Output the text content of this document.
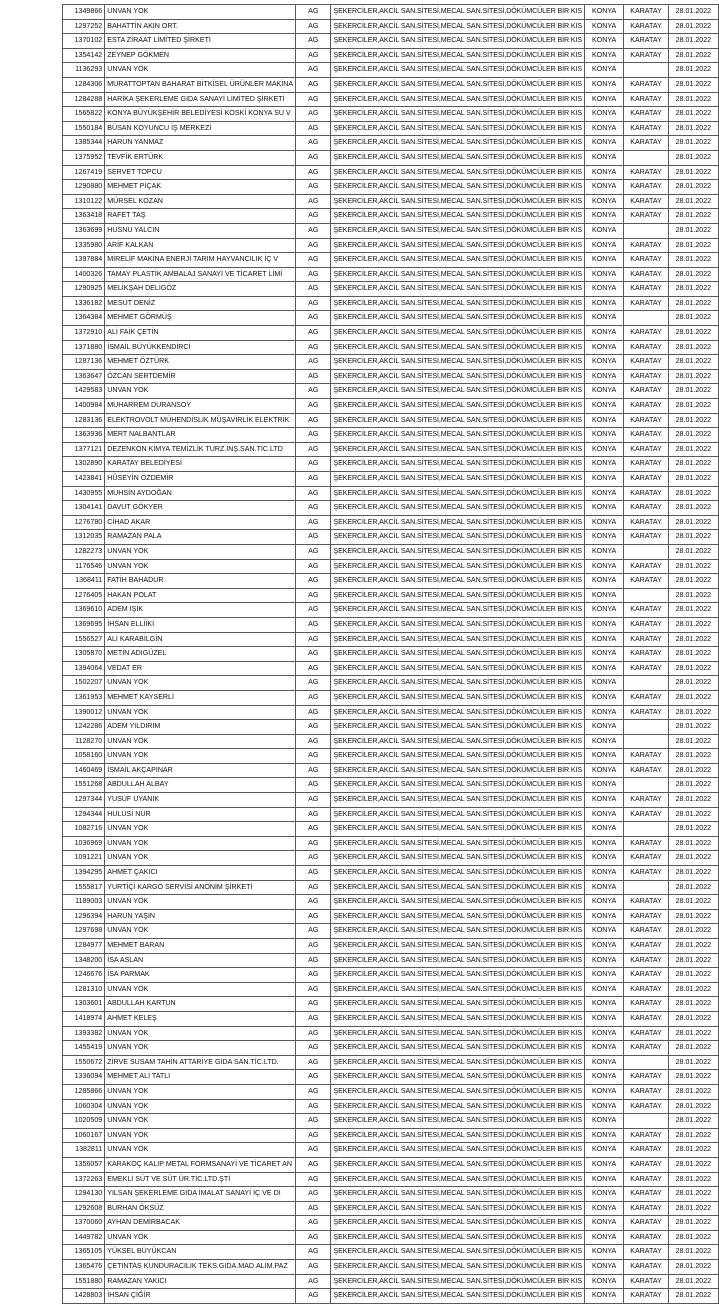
1349866	UNVAN YOK	AG	ŞEKERCİLER,AKCİL SAN.SİTESİ,MECAL SAN.SİTESİ,DÖKÜMCÜLER BİR KIS	KONYA	KARATAY	28.01.2022
1297252	BAHATTİN AKIN ORT.	AG	ŞEKERCİLER,AKCİL SAN.SİTESİ,MECAL SAN.SİTESİ,DÖKÜMCÜLER BİR KIS	KONYA	KARATAY	28.01.2022
1370102	ESTA ZİRAAT LİMİTED ŞİRKETİ	AG	ŞEKERCİLER,AKCİL SAN.SİTESİ,MECAL SAN.SİTESİ,DÖKÜMCÜLER BİR KIS	KONYA	KARATAY	28.01.2022
1354142	ZEYNEP GÖKMEN	AG	ŞEKERCİLER,AKCİL SAN.SİTESİ,MECAL SAN.SİTESİ,DÖKÜMCÜLER BİR KIS	KONYA	KARATAY	28.01.2022
1136293	UNVAN YOK	AG	ŞEKERCİLER,AKCİL SAN.SİTESİ,MECAL SAN.SİTESİ,DÖKÜMCÜLER BİR KIS	KONYA		28.01.2022
1284306	MURATTOPTAN BAHARAT BİTKİSEL ÜRÜNLER MAKİNA	AG	ŞEKERCİLER,AKCİL SAN.SİTESİ,MECAL SAN.SİTESİ,DÖKÜMCÜLER BİR KIS	KONYA	KARATAY	28.01.2022
1284288	HARİKA ŞEKERLEME GIDA SANAYİ LİMİTED ŞİRKETİ	AG	ŞEKERCİLER,AKCİL SAN.SİTESİ,MECAL SAN.SİTESİ,DÖKÜMCÜLER BİR KIS	KONYA	KARATAY	28.01.2022
1565822	KONYA BÜYÜKŞEHİR BELEDİYESİ KOSKİ KONYA SU V	AG	ŞEKERCİLER,AKCİL SAN.SİTESİ,MECAL SAN.SİTESİ,DÖKÜMCÜLER BİR KIS	KONYA	KARATAY	28.01.2022
1550184	BÜSAN KOYUNCU İŞ MERKEZİ	AG	ŞEKERCİLER,AKCİL SAN.SİTESİ,MECAL SAN.SİTESİ,DÖKÜMCÜLER BİR KIS	KONYA	KARATAY	28.01.2022
1385344	HARUN YANMAZ	AG	ŞEKERCİLER,AKCİL SAN.SİTESİ,MECAL SAN.SİTESİ,DÖKÜMCÜLER BİR KIS	KONYA	KARATAY	28.01.2022
1375952	TEVFİK ERTÜRK	AG	ŞEKERCİLER,AKCİL SAN.SİTESİ,MECAL SAN.SİTESİ,DÖKÜMCÜLER BİR KIS	KONYA		28.01.2022
1267419	SERVET TOPCU	AG	ŞEKERCİLER,AKCİL SAN.SİTESİ,MECAL SAN.SİTESİ,DÖKÜMCÜLER BİR KIS	KONYA	KARATAY	28.01.2022
1290880	MEHMET PIÇAK	AG	ŞEKERCİLER,AKCİL SAN.SİTESİ,MECAL SAN.SİTESİ,DÖKÜMCÜLER BİR KIS	KONYA	KARATAY	28.01.2022
1310122	MÜRSEL KOZAN	AG	ŞEKERCİLER,AKCİL SAN.SİTESİ,MECAL SAN.SİTESİ,DÖKÜMCÜLER BİR KIS	KONYA	KARATAY	28.01.2022
1363418	RAFET TAŞ	AG	ŞEKERCİLER,AKCİL SAN.SİTESİ,MECAL SAN.SİTESİ,DÖKÜMCÜLER BİR KIS	KONYA	KARATAY	28.01.2022
1363699	HUSNU YALCIN	AG	ŞEKERCİLER,AKCİL SAN.SİTESİ,MECAL SAN.SİTESİ,DÖKÜMCÜLER BİR KIS	KONYA		28.01.2022
1335980	ARİF KALKAN	AG	ŞEKERCİLER,AKCİL SAN.SİTESİ,MECAL SAN.SİTESİ,DÖKÜMCÜLER BİR KIS	KONYA	KARATAY	28.01.2022
1397884	MİRELİF MAKİNA ENERJİ TARIM HAYVANCILIK İÇ V	AG	ŞEKERCİLER,AKCİL SAN.SİTESİ,MECAL SAN.SİTESİ,DÖKÜMCÜLER BİR KIS	KONYA	KARATAY	28.01.2022
1400326	TAMAY PLASTİK AMBALAJ SANAYİ VE TİCARET LİMİ	AG	ŞEKERCİLER,AKCİL SAN.SİTESİ,MECAL SAN.SİTESİ,DÖKÜMCÜLER BİR KIS	KONYA	KARATAY	28.01.2022
1290925	MELİKŞAH DELİGÖZ	AG	ŞEKERCİLER,AKCİL SAN.SİTESİ,MECAL SAN.SİTESİ,DÖKÜMCÜLER BİR KIS	KONYA	KARATAY	28.01.2022
1336182	MESUT DENİZ	AG	ŞEKERCİLER,AKCİL SAN.SİTESİ,MECAL SAN.SİTESİ,DÖKÜMCÜLER BİR KIS	KONYA	KARATAY	28.01.2022
1364384	MEHMET GÖRMÜŞ	AG	ŞEKERCİLER,AKCİL SAN.SİTESİ,MECAL SAN.SİTESİ,DÖKÜMCÜLER BİR KIS	KONYA		28.01.2022
1372910	ALİ FAİK ÇETİN	AG	ŞEKERCİLER,AKCİL SAN.SİTESİ,MECAL SAN.SİTESİ,DÖKÜMCÜLER BİR KIS	KONYA	KARATAY	28.01.2022
1371880	İSMAİL BÜYÜKKENDİRCİ	AG	ŞEKERCİLER,AKCİL SAN.SİTESİ,MECAL SAN.SİTESİ,DÖKÜMCÜLER BİR KIS	KONYA	KARATAY	28.01.2022
1287136	MEHMET ÖZTÜRK	AG	ŞEKERCİLER,AKCİL SAN.SİTESİ,MECAL SAN.SİTESİ,DÖKÜMCÜLER BİR KIS	KONYA	KARATAY	28.01.2022
1363647	ÖZCAN SERTDEMİR	AG	ŞEKERCİLER,AKCİL SAN.SİTESİ,MECAL SAN.SİTESİ,DÖKÜMCÜLER BİR KIS	KONYA	KARATAY	28.01.2022
1429583	UNVAN YOK	AG	ŞEKERCİLER,AKCİL SAN.SİTESİ,MECAL SAN.SİTESİ,DÖKÜMCÜLER BİR KIS	KONYA	KARATAY	28.01.2022
1400984	MUHARREM DURANSOY	AG	ŞEKERCİLER,AKCİL SAN.SİTESİ,MECAL SAN.SİTESİ,DÖKÜMCÜLER BİR KIS	KONYA	KARATAY	28.01.2022
1283136	ELEKTROVOLT MÜHENDİSLİK MÜŞAVİRLİK ELEKTRİK	AG	ŞEKERCİLER,AKCİL SAN.SİTESİ,MECAL SAN.SİTESİ,DÖKÜMCÜLER BİR KIS	KONYA	KARATAY	28.01.2022
1363936	MERT NALBANTLAR	AG	ŞEKERCİLER,AKCİL SAN.SİTESİ,MECAL SAN.SİTESİ,DÖKÜMCÜLER BİR KIS	KONYA	KARATAY	28.01.2022
1377121	DEZENKON KİMYA TEMİZLİK TURZ.İNŞ.SAN.TİC.LTD	AG	ŞEKERCİLER,AKCİL SAN.SİTESİ,MECAL SAN.SİTESİ,DÖKÜMCÜLER BİR KIS	KONYA	KARATAY	28.01.2022
1302890	KARATAY BELEDİYESİ	AG	ŞEKERCİLER,AKCİL SAN.SİTESİ,MECAL SAN.SİTESİ,DÖKÜMCÜLER BİR KIS	KONYA	KARATAY	28.01.2022
1423841	HÜSEYİN ÖZDEMİR	AG	ŞEKERCİLER,AKCİL SAN.SİTESİ,MECAL SAN.SİTESİ,DÖKÜMCÜLER BİR KIS	KONYA	KARATAY	28.01.2022
1430955	MUHSİN AYDOĞAN	AG	ŞEKERCİLER,AKCİL SAN.SİTESİ,MECAL SAN.SİTESİ,DÖKÜMCÜLER BİR KIS	KONYA	KARATAY	28.01.2022
1304141	DAVUT GÖKYER	AG	ŞEKERCİLER,AKCİL SAN.SİTESİ,MECAL SAN.SİTESİ,DÖKÜMCÜLER BİR KIS	KONYA	KARATAY	28.01.2022
1276780	CİHAD AKAR	AG	ŞEKERCİLER,AKCİL SAN.SİTESİ,MECAL SAN.SİTESİ,DÖKÜMCÜLER BİR KIS	KONYA	KARATAY	28.01.2022
1312035	RAMAZAN PALA	AG	ŞEKERCİLER,AKCİL SAN.SİTESİ,MECAL SAN.SİTESİ,DÖKÜMCÜLER BİR KIS	KONYA	KARATAY	28.01.2022
1282273	UNVAN YOK	AG	ŞEKERCİLER,AKCİL SAN.SİTESİ,MECAL SAN.SİTESİ,DÖKÜMCÜLER BİR KIS	KONYA		28.01.2022
1176546	UNVAN YOK	AG	ŞEKERCİLER,AKCİL SAN.SİTESİ,MECAL SAN.SİTESİ,DÖKÜMCÜLER BİR KIS	KONYA	KARATAY	28.01.2022
1368411	FATİH BAHADUR	AG	ŞEKERCİLER,AKCİL SAN.SİTESİ,MECAL SAN.SİTESİ,DÖKÜMCÜLER BİR KIS	KONYA	KARATAY	28.01.2022
1276405	HAKAN POLAT	AG	ŞEKERCİLER,AKCİL SAN.SİTESİ,MECAL SAN.SİTESİ,DÖKÜMCÜLER BİR KIS	KONYA		28.01.2022
1369610	ADEM IŞIK	AG	ŞEKERCİLER,AKCİL SAN.SİTESİ,MECAL SAN.SİTESİ,DÖKÜMCÜLER BİR KIS	KONYA	KARATAY	28.01.2022
1369695	İHSAN ELLİİKİ	AG	ŞEKERCİLER,AKCİL SAN.SİTESİ,MECAL SAN.SİTESİ,DÖKÜMCÜLER BİR KIS	KONYA	KARATAY	28.01.2022
1556527	ALİ KARABİLGİN	AG	ŞEKERCİLER,AKCİL SAN.SİTESİ,MECAL SAN.SİTESİ,DÖKÜMCÜLER BİR KIS	KONYA	KARATAY	28.01.2022
1305870	METİN ADIGÜZEL	AG	ŞEKERCİLER,AKCİL SAN.SİTESİ,MECAL SAN.SİTESİ,DÖKÜMCÜLER BİR KIS	KONYA	KARATAY	28.01.2022
1394064	VEDAT ER	AG	ŞEKERCİLER,AKCİL SAN.SİTESİ,MECAL SAN.SİTESİ,DÖKÜMCÜLER BİR KIS	KONYA	KARATAY	28.01.2022
1502207	UNVAN YOK	AG	ŞEKERCİLER,AKCİL SAN.SİTESİ,MECAL SAN.SİTESİ,DÖKÜMCÜLER BİR KIS	KONYA		28.01.2022
1361953	MEHMET KAYSERLİ	AG	ŞEKERCİLER,AKCİL SAN.SİTESİ,MECAL SAN.SİTESİ,DÖKÜMCÜLER BİR KIS	KONYA	KARATAY	28.01.2022
1390012	UNVAN YOK	AG	ŞEKERCİLER,AKCİL SAN.SİTESİ,MECAL SAN.SİTESİ,DÖKÜMCÜLER BİR KIS	KONYA	KARATAY	28.01.2022
1242286	ADEM YILDIRIM	AG	ŞEKERCİLER,AKCİL SAN.SİTESİ,MECAL SAN.SİTESİ,DÖKÜMCÜLER BİR KIS	KONYA		28.01.2022
1128270	UNVAN YOK	AG	ŞEKERCİLER,AKCİL SAN.SİTESİ,MECAL SAN.SİTESİ,DÖKÜMCÜLER BİR KIS	KONYA		28.01.2022
1058160	UNVAN YOK	AG	ŞEKERCİLER,AKCİL SAN.SİTESİ,MECAL SAN.SİTESİ,DÖKÜMCÜLER BİR KIS	KONYA	KARATAY	28.01.2022
1460469	İSMAİL AKÇAPINAR	AG	ŞEKERCİLER,AKCİL SAN.SİTESİ,MECAL SAN.SİTESİ,DÖKÜMCÜLER BİR KIS	KONYA	KARATAY	28.01.2022
1551268	ABDULLAH ALBAY	AG	ŞEKERCİLER,AKCİL SAN.SİTESİ,MECAL SAN.SİTESİ,DÖKÜMCÜLER BİR KIS	KONYA		28.01.2022
1297344	YUSUF UYANIK	AG	ŞEKERCİLER,AKCİL SAN.SİTESİ,MECAL SAN.SİTESİ,DÖKÜMCÜLER BİR KIS	KONYA	KARATAY	28.01.2022
1294344	HULUSİ NUR	AG	ŞEKERCİLER,AKCİL SAN.SİTESİ,MECAL SAN.SİTESİ,DÖKÜMCÜLER BİR KIS	KONYA	KARATAY	28.01.2022
1082716	UNVAN YOK	AG	ŞEKERCİLER,AKCİL SAN.SİTESİ,MECAL SAN.SİTESİ,DÖKÜMCÜLER BİR KIS	KONYA		28.01.2022
1036969	UNVAN YOK	AG	ŞEKERCİLER,AKCİL SAN.SİTESİ,MECAL SAN.SİTESİ,DÖKÜMCÜLER BİR KIS	KONYA	KARATAY	28.01.2022
1091221	UNVAN YOK	AG	ŞEKERCİLER,AKCİL SAN.SİTESİ,MECAL SAN.SİTESİ,DÖKÜMCÜLER BİR KIS	KONYA	KARATAY	28.01.2022
1394295	AHMET ÇAKICI	AG	ŞEKERCİLER,AKCİL SAN.SİTESİ,MECAL SAN.SİTESİ,DÖKÜMCÜLER BİR KIS	KONYA	KARATAY	28.01.2022
1555817	YURTİÇİ KARGO SERVİSİ ANONİM ŞİRKETİ	AG	ŞEKERCİLER,AKCİL SAN.SİTESİ,MECAL SAN.SİTESİ,DÖKÜMCÜLER BİR KIS	KONYA		28.01.2022
1189003	UNVAN YOK	AG	ŞEKERCİLER,AKCİL SAN.SİTESİ,MECAL SAN.SİTESİ,DÖKÜMCÜLER BİR KIS	KONYA	KARATAY	28.01.2022
1296394	HARUN YAŞIN	AG	ŞEKERCİLER,AKCİL SAN.SİTESİ,MECAL SAN.SİTESİ,DÖKÜMCÜLER BİR KIS	KONYA	KARATAY	28.01.2022
1297698	UNVAN YOK	AG	ŞEKERCİLER,AKCİL SAN.SİTESİ,MECAL SAN.SİTESİ,DÖKÜMCÜLER BİR KIS	KONYA	KARATAY	28.01.2022
1284977	MEHMET BARAN	AG	ŞEKERCİLER,AKCİL SAN.SİTESİ,MECAL SAN.SİTESİ,DÖKÜMCÜLER BİR KIS	KONYA	KARATAY	28.01.2022
1348200	İSA ASLAN	AG	ŞEKERCİLER,AKCİL SAN.SİTESİ,MECAL SAN.SİTESİ,DÖKÜMCÜLER BİR KIS	KONYA	KARATAY	28.01.2022
1246676	İSA PARMAK	AG	ŞEKERCİLER,AKCİL SAN.SİTESİ,MECAL SAN.SİTESİ,DÖKÜMCÜLER BİR KIS	KONYA	KARATAY	28.01.2022
1281310	UNVAN YOK	AG	ŞEKERCİLER,AKCİL SAN.SİTESİ,MECAL SAN.SİTESİ,DÖKÜMCÜLER BİR KIS	KONYA	KARATAY	28.01.2022
1303601	ABDULLAH KARTUN	AG	ŞEKERCİLER,AKCİL SAN.SİTESİ,MECAL SAN.SİTESİ,DÖKÜMCÜLER BİR KIS	KONYA	KARATAY	28.01.2022
1418974	AHMET KELEŞ	AG	ŞEKERCİLER,AKCİL SAN.SİTESİ,MECAL SAN.SİTESİ,DÖKÜMCÜLER BİR KIS	KONYA	KARATAY	28.01.2022
1393382	UNVAN YOK	AG	ŞEKERCİLER,AKCİL SAN.SİTESİ,MECAL SAN.SİTESİ,DÖKÜMCÜLER BİR KIS	KONYA	KARATAY	28.01.2022
1455419	UNVAN YOK	AG	ŞEKERCİLER,AKCİL SAN.SİTESİ,MECAL SAN.SİTESİ,DÖKÜMCÜLER BİR KIS	KONYA	KARATAY	28.01.2022
1550672	ZİRVE SUSAM TAHİN ATTARİYE GIDA SAN.TİC.LTD.	AG	ŞEKERCİLER,AKCİL SAN.SİTESİ,MECAL SAN.SİTESİ,DÖKÜMCÜLER BİR KIS	KONYA		28.01.2022
1336094	MEHMET ALİ TATLI	AG	ŞEKERCİLER,AKCİL SAN.SİTESİ,MECAL SAN.SİTESİ,DÖKÜMCÜLER BİR KIS	KONYA	KARATAY	28.01.2022
1285866	UNVAN YOK	AG	ŞEKERCİLER,AKCİL SAN.SİTESİ,MECAL SAN.SİTESİ,DÖKÜMCÜLER BİR KIS	KONYA	KARATAY	28.01.2022
1060304	UNVAN YOK	AG	ŞEKERCİLER,AKCİL SAN.SİTESİ,MECAL SAN.SİTESİ,DÖKÜMCÜLER BİR KIS	KONYA	KARATAY	28.01.2022
1020509	UNVAN YOK	AG	ŞEKERCİLER,AKCİL SAN.SİTESİ,MECAL SAN.SİTESİ,DÖKÜMCÜLER BİR KIS	KONYA		28.01.2022
1060167	UNVAN YOK	AG	ŞEKERCİLER,AKCİL SAN.SİTESİ,MECAL SAN.SİTESİ,DÖKÜMCÜLER BİR KIS	KONYA	KARATAY	28.01.2022
1382811	UNVAN YOK	AG	ŞEKERCİLER,AKCİL SAN.SİTESİ,MECAL SAN.SİTESİ,DÖKÜMCÜLER BİR KIS	KONYA	KARATAY	28.01.2022
1356057	KARAKOÇ KALIP METAL FORMSANAYİ VE TİCARET AN	AG	ŞEKERCİLER,AKCİL SAN.SİTESİ,MECAL SAN.SİTESİ,DÖKÜMCÜLER BİR KIS	KONYA	KARATAY	28.01.2022
1372263	EMEKLİ SÜT VE SÜT ÜR.TİC.LTD.ŞTİ	AG	ŞEKERCİLER,AKCİL SAN.SİTESİ,MECAL SAN.SİTESİ,DÖKÜMCÜLER BİR KIS	KONYA	KARATAY	28.01.2022
1294130	YILSAN ŞEKERLEME GIDA İMALAT SANAYİ İÇ VE DI	AG	ŞEKERCİLER,AKCİL SAN.SİTESİ,MECAL SAN.SİTESİ,DÖKÜMCÜLER BİR KIS	KONYA	KARATAY	28.01.2022
1292608	BURHAN ÖKSÜZ	AG	ŞEKERCİLER,AKCİL SAN.SİTESİ,MECAL SAN.SİTESİ,DÖKÜMCÜLER BİR KIS	KONYA	KARATAY	28.01.2022
1370060	AYHAN DEMİRBACAK	AG	ŞEKERCİLER,AKCİL SAN.SİTESİ,MECAL SAN.SİTESİ,DÖKÜMCÜLER BİR KIS	KONYA	KARATAY	28.01.2022
1449782	UNVAN YOK	AG	ŞEKERCİLER,AKCİL SAN.SİTESİ,MECAL SAN.SİTESİ,DÖKÜMCÜLER BİR KIS	KONYA	KARATAY	28.01.2022
1365105	YÜKSEL BÜYÜKCAN	AG	ŞEKERCİLER,AKCİL SAN.SİTESİ,MECAL SAN.SİTESİ,DÖKÜMCÜLER BİR KIS	KONYA	KARATAY	28.01.2022
1365476	ÇETINTAS KUNDURACILIK TEKS.GIDA.MAD.ALIM.PAZ	AG	ŞEKERCİLER,AKCİL SAN.SİTESİ,MECAL SAN.SİTESİ,DÖKÜMCÜLER BİR KIS	KONYA	KARATAY	28.01.2022
1551880	RAMAZAN YAKICI	AG	ŞEKERCİLER,AKCİL SAN.SİTESİ,MECAL SAN.SİTESİ,DÖKÜMCÜLER BİR KIS	KONYA	KARATAY	28.01.2022
1428803	İHSAN ÇİĞİR	AG	ŞEKERCİLER,AKCİL SAN.SİTESİ,MECAL SAN.SİTESİ,DÖKÜMCÜLER BİR KIS	KONYA	KARATAY	28.01.2022
